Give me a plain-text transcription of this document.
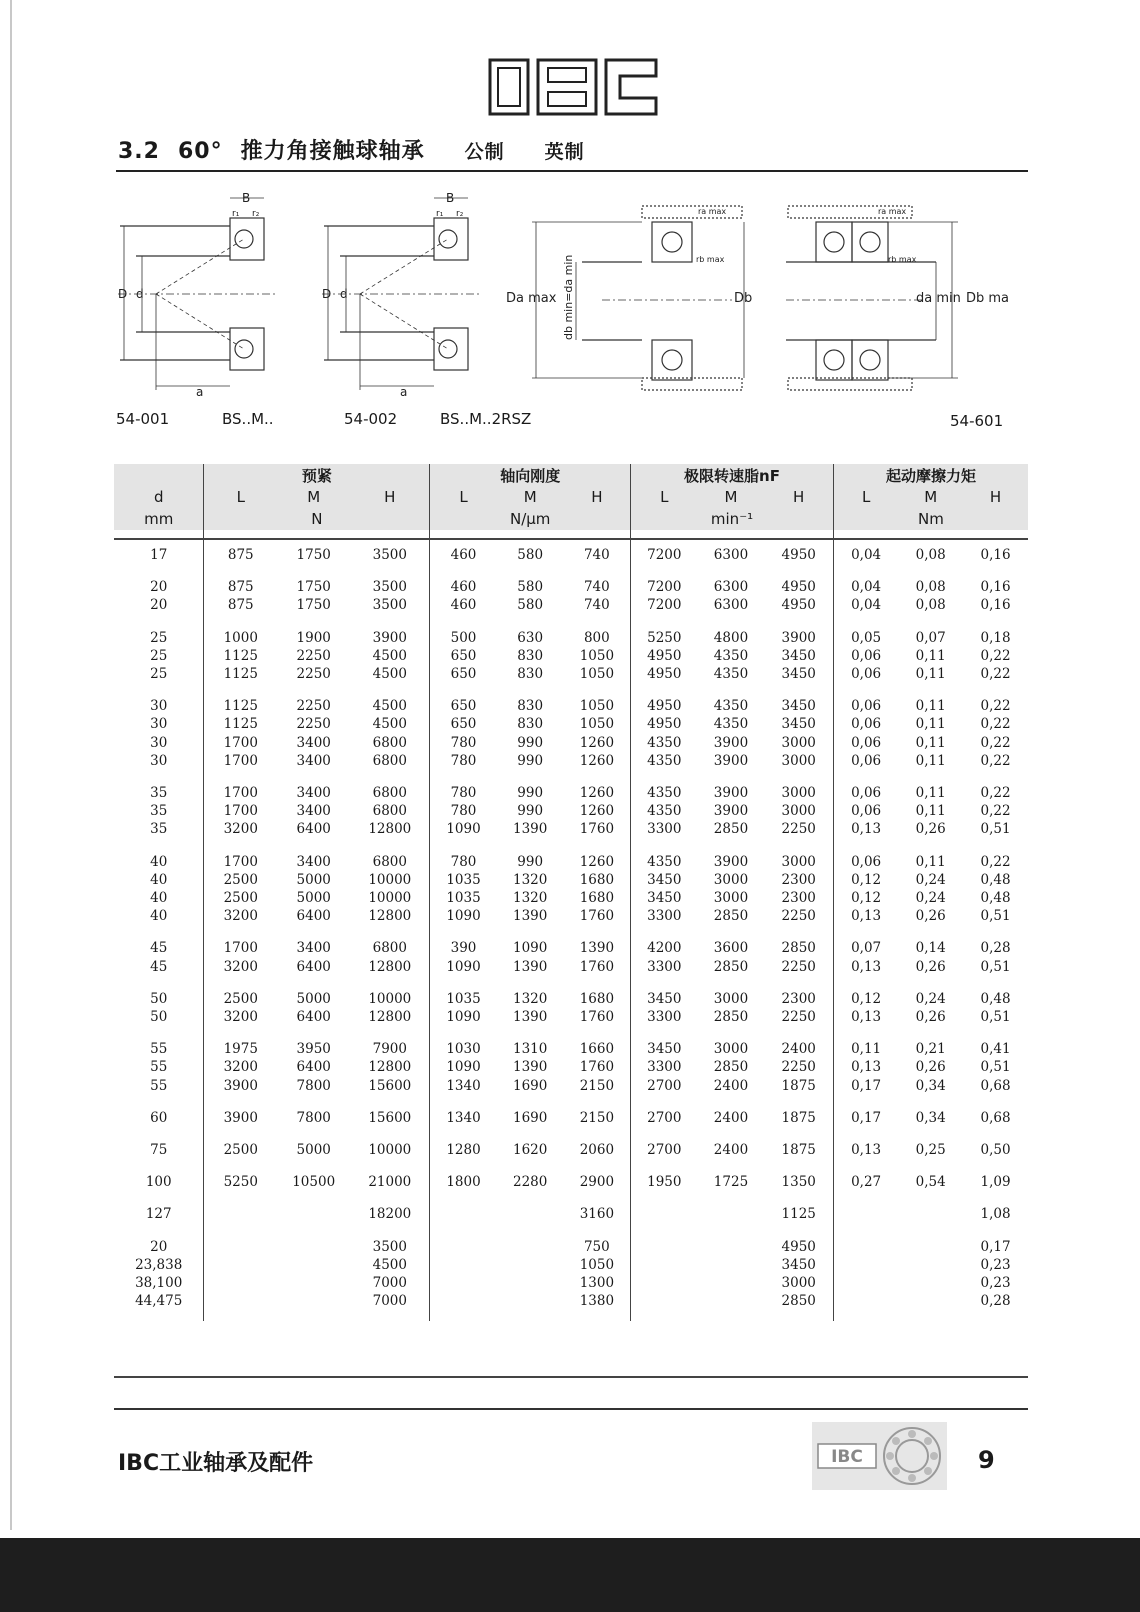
3.2 60° 推力角接触球轴承 公制 英制
B
r₁ r₂
D d
a
54-001	BS..M..
B
r₁ r₂
D d
a
54-002	BS..M..2RSZ
Da max db min=da min	Db
ra max
rb max
da min Db ma
ra max
rb max
54-601
	预紧			轴向刚度			极限转速脂nF			起动摩擦力矩		
d	L	M	H	L	M	H	L	M	H	L	M	H
mm	N			N/μm			min⁻¹			Nm		
17	875	1750	3500	460	580	740	7200	6300	4950	0,04	0,08	0,16
20	875	1750	3500	460	580	740	7200	6300	4950	0,04	0,08	0,16
20	875	1750	3500	460	580	740	7200	6300	4950	0,04	0,08	0,16
25	1000	1900	3900	500	630	800	5250	4800	3900	0,05	0,07	0,18
25	1125	2250	4500	650	830	1050	4950	4350	3450	0,06	0,11	0,22
25	1125	2250	4500	650	830	1050	4950	4350	3450	0,06	0,11	0,22
30	1125	2250	4500	650	830	1050	4950	4350	3450	0,06	0,11	0,22
30	1125	2250	4500	650	830	1050	4950	4350	3450	0,06	0,11	0,22
30	1700	3400	6800	780	990	1260	4350	3900	3000	0,06	0,11	0,22
30	1700	3400	6800	780	990	1260	4350	3900	3000	0,06	0,11	0,22
35	1700	3400	6800	780	990	1260	4350	3900	3000	0,06	0,11	0,22
35	1700	3400	6800	780	990	1260	4350	3900	3000	0,06	0,11	0,22
35	3200	6400	12800	1090	1390	1760	3300	2850	2250	0,13	0,26	0,51
40	1700	3400	6800	780	990	1260	4350	3900	3000	0,06	0,11	0,22
40	2500	5000	10000	1035	1320	1680	3450	3000	2300	0,12	0,24	0,48
40	2500	5000	10000	1035	1320	1680	3450	3000	2300	0,12	0,24	0,48
40	3200	6400	12800	1090	1390	1760	3300	2850	2250	0,13	0,26	0,51
45	1700	3400	6800	390	1090	1390	4200	3600	2850	0,07	0,14	0,28
45	3200	6400	12800	1090	1390	1760	3300	2850	2250	0,13	0,26	0,51
50	2500	5000	10000	1035	1320	1680	3450	3000	2300	0,12	0,24	0,48
50	3200	6400	12800	1090	1390	1760	3300	2850	2250	0,13	0,26	0,51
55	1975	3950	7900	1030	1310	1660	3450	3000	2400	0,11	0,21	0,41
55	3200	6400	12800	1090	1390	1760	3300	2850	2250	0,13	0,26	0,51
55	3900	7800	15600	1340	1690	2150	2700	2400	1875	0,17	0,34	0,68
60	3900	7800	15600	1340	1690	2150	2700	2400	1875	0,17	0,34	0,68
75	2500	5000	10000	1280	1620	2060	2700	2400	1875	0,13	0,25	0,50
100	5250	10500	21000	1800	2280	2900	1950	1725	1350	0,27	0,54	1,09
127			18200			3160			1125			1,08
20			3500			750			4950			0,17
23,838			4500			1050			3450			0,23
38,100			7000			1300			3000			0,23
44,475			7000			1380			2850			0,28
IBC工业轴承及配件	IBC	9
